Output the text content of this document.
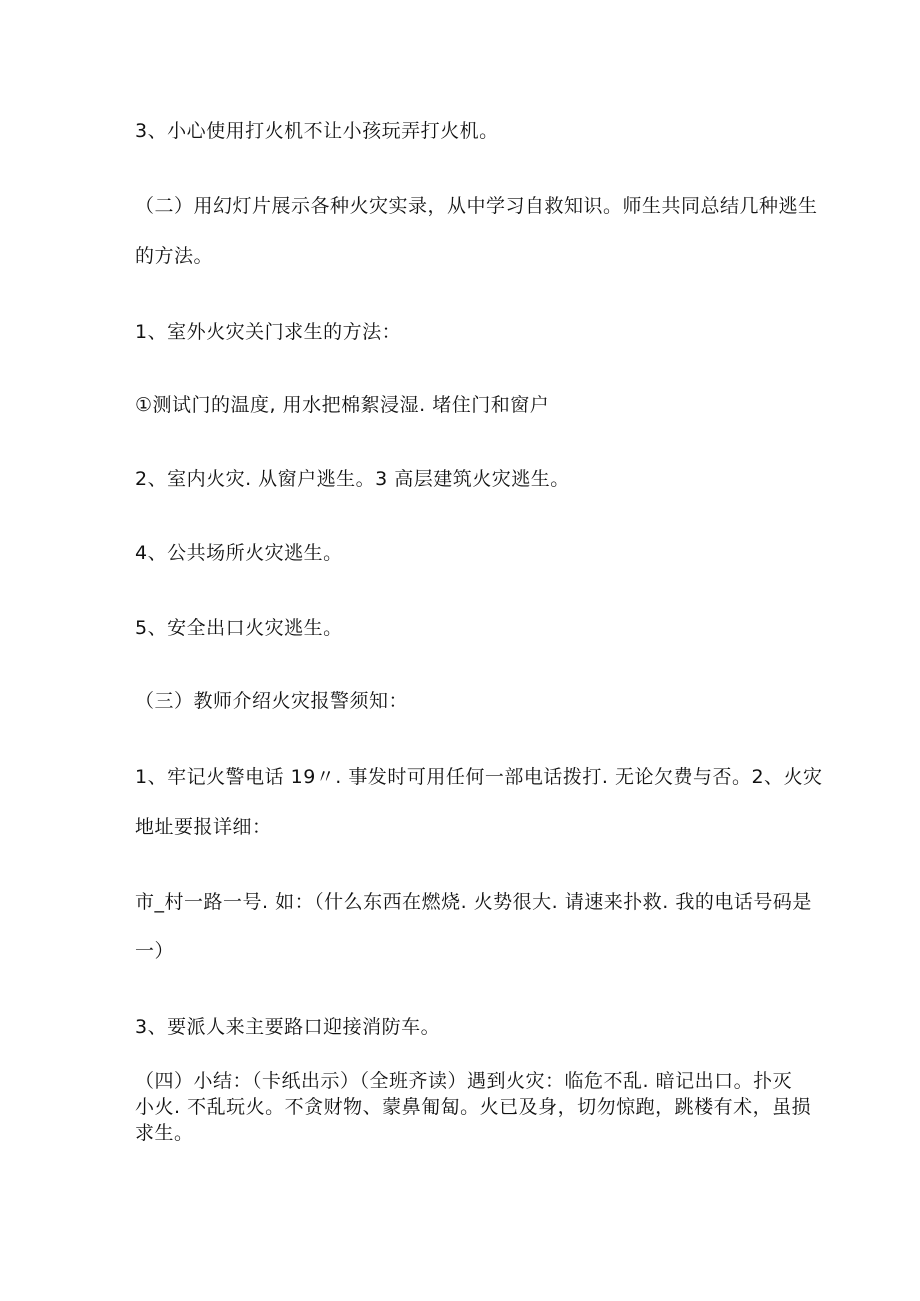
3、小心使用打火机不让小孩玩弄打火机。
（二）用幻灯片展示各种火灾实录，从中学习自救知识。师生共同总结几种逃生
的方法。
1、室外火灾关门求生的方法：
①测试门的温度, 用水把棉絮浸湿. 堵住门和窗户
2、室内火灾. 从窗户逃生。3 高层建筑火灾逃生。
4、公共场所火灾逃生。
5、安全出口火灾逃生。
（三）教师介绍火灾报警须知：
1、牢记火警电话 19〃. 事发时可用任何一部电话拨打. 无论欠费与否。2、火灾
地址要报详细：
市_村一路一号. 如：（什么东西在燃烧. 火势很大. 请速来扑救. 我的电话号码是
一）
3、要派人来主要路口迎接消防车。
（四）小结：（卡纸出示）（全班齐读）遇到火灾：临危不乱. 暗记出口。扑灭
小火. 不乱玩火。不贪财物、蒙鼻匍匐。火已及身，切勿惊跑，跳楼有术，虽损
求生。
